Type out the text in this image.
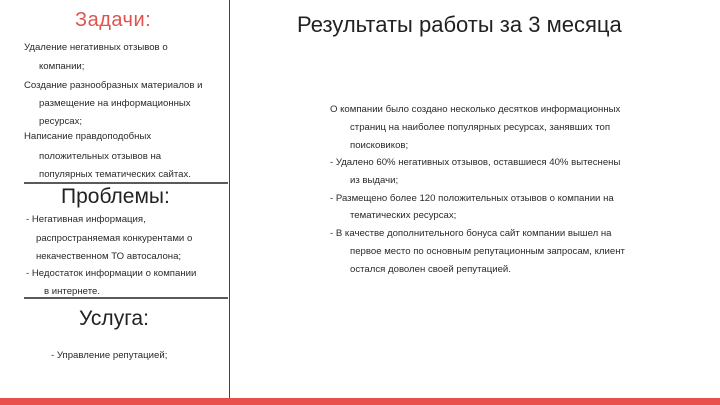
Задачи:
Удаление негативных отзывов о
компании;
Создание разнообразных материалов и
размещение на информационных
ресурсах;
Написание правдоподобных
положительных отзывов на
популярных тематических сайтах.
Проблемы:
- Негативная информация,
распространяемая конкурентами о
некачественном ТО автосалона;
- Недостаток информации о компании
в интернете.
Услуга:
- Управление репутацией;
Результаты работы за 3 месяца
О компании было создано несколько десятков информационных
страниц на наиболее популярных ресурсах, занявших топ
поисковиков;
- Удалено 60% негативных отзывов, оставшиеся 40% вытеснены
из выдачи;
- Размещено более 120 положительных отзывов о компании на
тематических ресурсах;
- В качестве дополнительного бонуса сайт компании вышел на
первое место по основным репутационным запросам, клиент
остался доволен своей репутацией.
